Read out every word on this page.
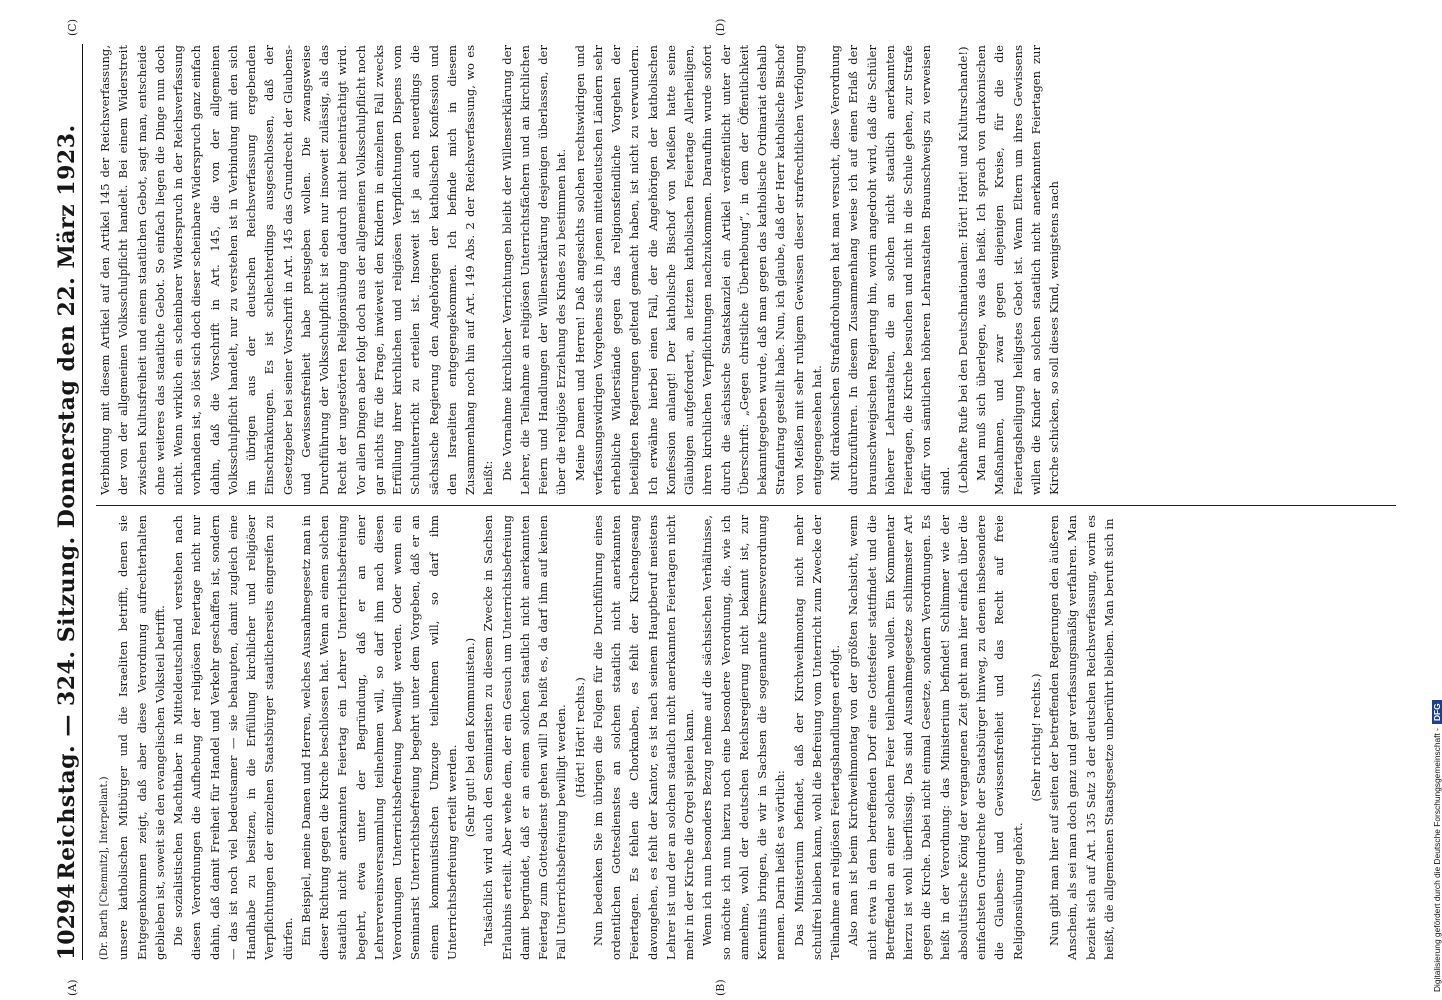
10294
Reichstag. — 324. Sitzung. Donnerstag den 22. März 1923.	(Dr. Barth [Chemnitz], Interpellant.) unsere katholischen Mitbürger und die Israeliten betrifft, denen sie Entgegenkommen zeigt, daß aber diese Verordnung aufrechterhalten geblieben ist, soweit sie den evangelischen Volksteil betrifft. Die sozialistischen Machthaber in Mitteldeutschland verstehen nach diesen Verordnungen die Aufhebung der religiösen Feiertage nicht nur dahin, daß damit Freiheit für Handel und Verkehr geschaffen ist, sondern — das ist noch viel bedeutsamer — sie behaupten, damit zugleich eine Handhabe zu besitzen, in die Erfüllung kirchlicher und religiöser Verpflichtungen der einzelnen Staatsbürger staatlicherseits eingreifen zu dürfen. Ein Beispiel, meine Damen und Herren, welches Ausnahmegesetz man in dieser Richtung gegen die Kirche beschlossen hat. Wenn an einem solchen staatlich nicht anerkannten Feiertag ein Lehrer Unterrichtsbefreiung begehrt, etwa unter der Begründung, daß er an einer Lehrervereinsversammlung teilnehmen will, so darf ihm nach diesen Verordnungen Unterrichtsbefreiung bewilligt werden. Oder wenn ein Seminarist Unterrichtsbefreiung begehrt unter dem Vorgeben, daß er an einem kommunistischen Umzuge teilnehmen will, so darf ihm Unterrichtsbefreiung erteilt werden.

(Sehr gut! bei den Kommunisten.) Tatsächlich wird auch den Seminaristen zu diesem Zwecke in Sachsen Erlaubnis erteilt. Aber wehe dem, der ein Gesuch um Unterrichtsbefreiung damit begründet, daß er an einem solchen staatlich nicht anerkannten Feiertag zum Gottesdienst gehen will! Da heißt es, da darf ihm auf keinen Fall Unterrichtsbefreiung bewilligt werden. (Hört! Hört! rechts.) Nun bedenken Sie im übrigen die Folgen für die Durchführung eines ordentlichen Gottesdienstes an solchen staatlich nicht anerkannten Feiertagen. Es fehlen die Chorknaben, es fehlt der Kirchengesang davongehen, es fehlt der Kantor, es ist nach seinem Hauptberuf meistens Lehrer ist und der an solchen staatlich nicht anerkannten Feiertagen nicht mehr in der Kirche die Orgel spielen kann. Wenn ich nun besonders Bezug nehme auf die sächsischen Verhältnisse, so möchte ich nun hierzu noch eine besondere Verordnung, die, wie ich annehme, wohl der deutschen Reichsregierung nicht bekannt ist, zur Kenntnis bringen, die wir in Sachsen die sogenannte Kirmesverordnung nennen. Darin heißt es wörtlich: Das Ministerium befindet, daß der Kirchweihmontag nicht mehr schulfrei bleiben kann, wohl die Befreiung vom Unterricht zum Zwecke der Teilnahme an religiösen Feiertagshandlungen erfolgt. Also man ist beim Kirchweihmontag von der größten Nachsicht, wenn nicht etwa in dem betreffenden Dorf eine Gottesfeier stattfindet und die Betreffenden an einer solchen Feier teilnehmen wollen. Ein Kommentar hierzu ist wohl überflüssig. Das sind Ausnahmegesetze schlimmster Art gegen die Kirche. Dabei nicht einmal Gesetze, sondern Verordnungen. Es heißt in der Verordnung: das Ministerium befindet! Schlimmer wie der absolutistische König der vergangenen Zeit geht man hier einfach über die einfachsten Grundrechte der Staatsbürger hinweg, zu denen insbesondere die Glaubens- und Gewissensfreiheit und das Recht auf freie Religionsübung gehört.

(Sehr richtig! rechts.) Nun gibt man hier auf seiten der betreffenden Regierungen den äußeren Anschein, als sei man doch ganz und gar verfassungsmäßig verfahren. Man bezieht sich auf Art. 135 Satz 3 der deutschen Reichsverfassung, worin es heißt, die allgemeinen Staatsgesetze unberührt bleiben. Man beruft sich in

Verbindung mit diesem Artikel auf den Artikel 145 der Reichsverfassung, der von der allgemeinen Volksschulpflicht handelt. Bei einem Widerstreit zwischen Kultusfreiheit und einem staatlichen Gebot, sagt man, entscheide ohne weiteres das staatliche Gebot. So einfach liegen die Dinge nun doch nicht. Wenn wirklich ein scheinbarer Widerspruch in der Reichsverfassung vorhanden ist, so löst sich doch dieser scheinbare Widerspruch ganz einfach dahin, daß die Vorschrift in Art. 145, die von der allgemeinen Volksschulpflicht handelt, nur zu verstehen ist in Verbindung mit den sich im übrigen aus der deutschen Reichsverfassung ergebenden Einschränkungen. Es ist schlechterdings ausgeschlossen, daß der Gesetzgeber bei seiner Vorschrift in Art. 145 das Grundrecht der Glaubens- und Gewissensfreiheit habe preisgeben wollen. Die zwangsweise Durchführung der Volksschulpflicht ist eben nur insoweit zulässig, als das Recht der ungestörten Religionsübung dadurch nicht beeinträchtigt wird. Vor allen Dingen aber folgt doch aus der allgemeinen Volksschulpflicht noch gar nichts für die Frage, inwieweit den Kindern in einzelnen Fall zwecks Erfüllung ihrer kirchlichen und religiösen Verpflichtungen Dispens vom Schulunterricht zu erteilen ist. Insoweit ist ja auch neuerdings die sächsische Regierung den Angehörigen der katholischen Konfession und den Israeliten entgegengekommen. Ich befinde mich in diesem Zusammenhang noch hin auf Art. 149 Abs. 2 der Reichsverfassung, wo es heißt: Die Vornahme kirchlicher Verrichtungen bleibt der Willenserklärung der Lehrer, die Teilnahme an religiösen Unterrichtsfächern und an kirchlichen Feiern und Handlungen der Willenserklärung desjenigen überlassen, der über die religiöse Erziehung des Kindes zu bestimmen hat. Meine Damen und Herren! Daß angesichts solchen rechtswidrigen und verfassungswidrigen Vorgehens sich in jenen mitteldeutschen Ländern sehr erhebliche Widerstände gegen das religionsfeindliche Vorgehen der beteiligten Regierungen geltend gemacht haben, ist nicht zu verwundern. Ich erwähne hierbei einen Fall, der die Angehörigen der katholischen Konfession anlangt! Der katholische Bischof von Meißen hatte seine Gläubigen aufgefordert, an letzten katholischen Feiertage Allerheiligen, ihren kirchlichen Verpflichtungen nachzukommen. Daraufhin wurde sofort durch die sächsische Staatskanzlei ein Artikel veröffentlicht unter der Überschrift: „Gegen christliche Überhebung“, in dem der Öffentlichkeit bekanntgegeben wurde, daß man gegen das katholische Ordinariat deshalb Strafantrag gestellt habe. Nun, ich glaube, daß der Herr katholische Bischof von Meißen mit sehr ruhigem Gewissen dieser strafrechtlichen Verfolgung entgegengesehen hat. Mit drakonischen Strafandrohungen hat man versucht, diese Verordnung durchzuführen. In diesem Zusammenhang weise ich auf einen Erlaß der braunschweigischen Regierung hin, worin angedroht wird, daß die Schüler höherer Lehranstalten, die an solchen nicht staatlich anerkannten Feiertagen, die Kirche besuchen und nicht in die Schule gehen, zur Strafe dafür von sämtlichen höheren Lehranstalten Braunschweigs zu verweisen sind. (Lebhafte Rufe bei den Deutschnationalen: Hört! Hört! und Kulturschande!) Man muß sich überlegen, was das heißt. Ich sprach von drakonischen Maßnahmen, und zwar gegen diejenigen Kreise, für die die Feiertagsheiligung heiligstes Gebot ist. Wenn Eltern um ihres Gewissens willen die Kinder an solchen staatlich nicht anerkannten Feiertagen zur Kirche schicken, so soll dieses Kind, wenigstens nach

(A)	(B)
(C)	(D)
Digitalisierung gefördert durch die Deutsche Forschungsgemeinschaft -DFG
